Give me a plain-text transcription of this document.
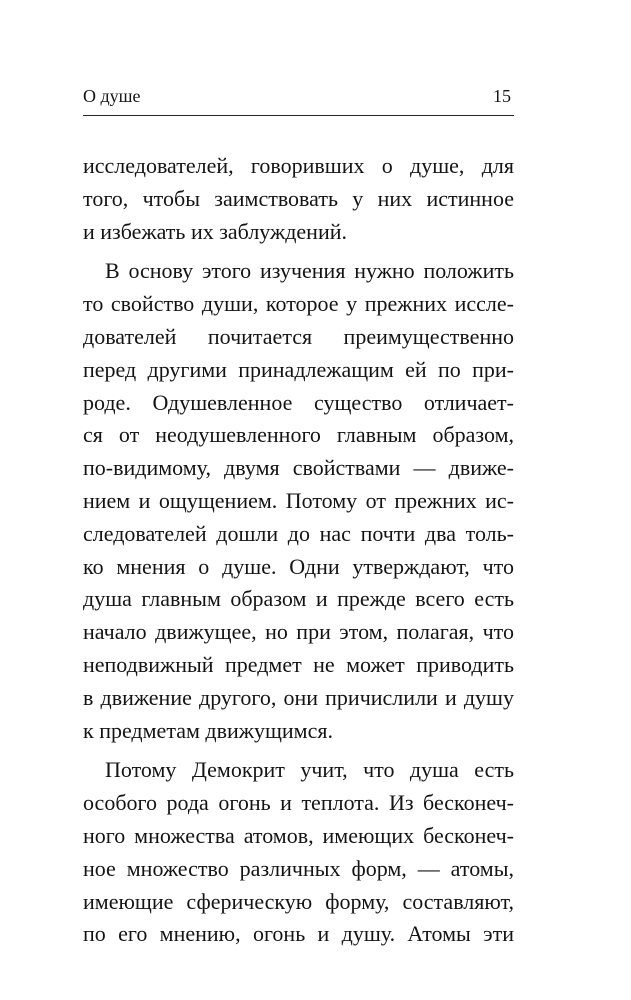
О душе	15
исследователей, говоривших о душе, для
того, чтобы заимствовать у них истинное
и избежать их заблуждений.
В основу этого изучения нужно положить
то свойство души, которое у прежних иссле-
дователей почитается преимущественно
перед другими принадлежащим ей по при-
роде. Одушевленное существо отличает-
ся от неодушевленного главным образом,
по-видимому, двумя свойствами — движе-
нием и ощущением. Потому от прежних ис-
следователей дошли до нас почти два толь-
ко мнения о душе. Одни утверждают, что
душа главным образом и прежде всего есть
начало движущее, но при этом, полагая, что
неподвижный предмет не может приводить
в движение другого, они причислили и душу
к предметам движущимся.
Потому Демокрит учит, что душа есть
особого рода огонь и теплота. Из бесконеч-
ного множества атомов, имеющих бесконеч-
ное множество различных форм, — атомы,
имеющие сферическую форму, составляют,
по его мнению, огонь и душу. Атомы эти
